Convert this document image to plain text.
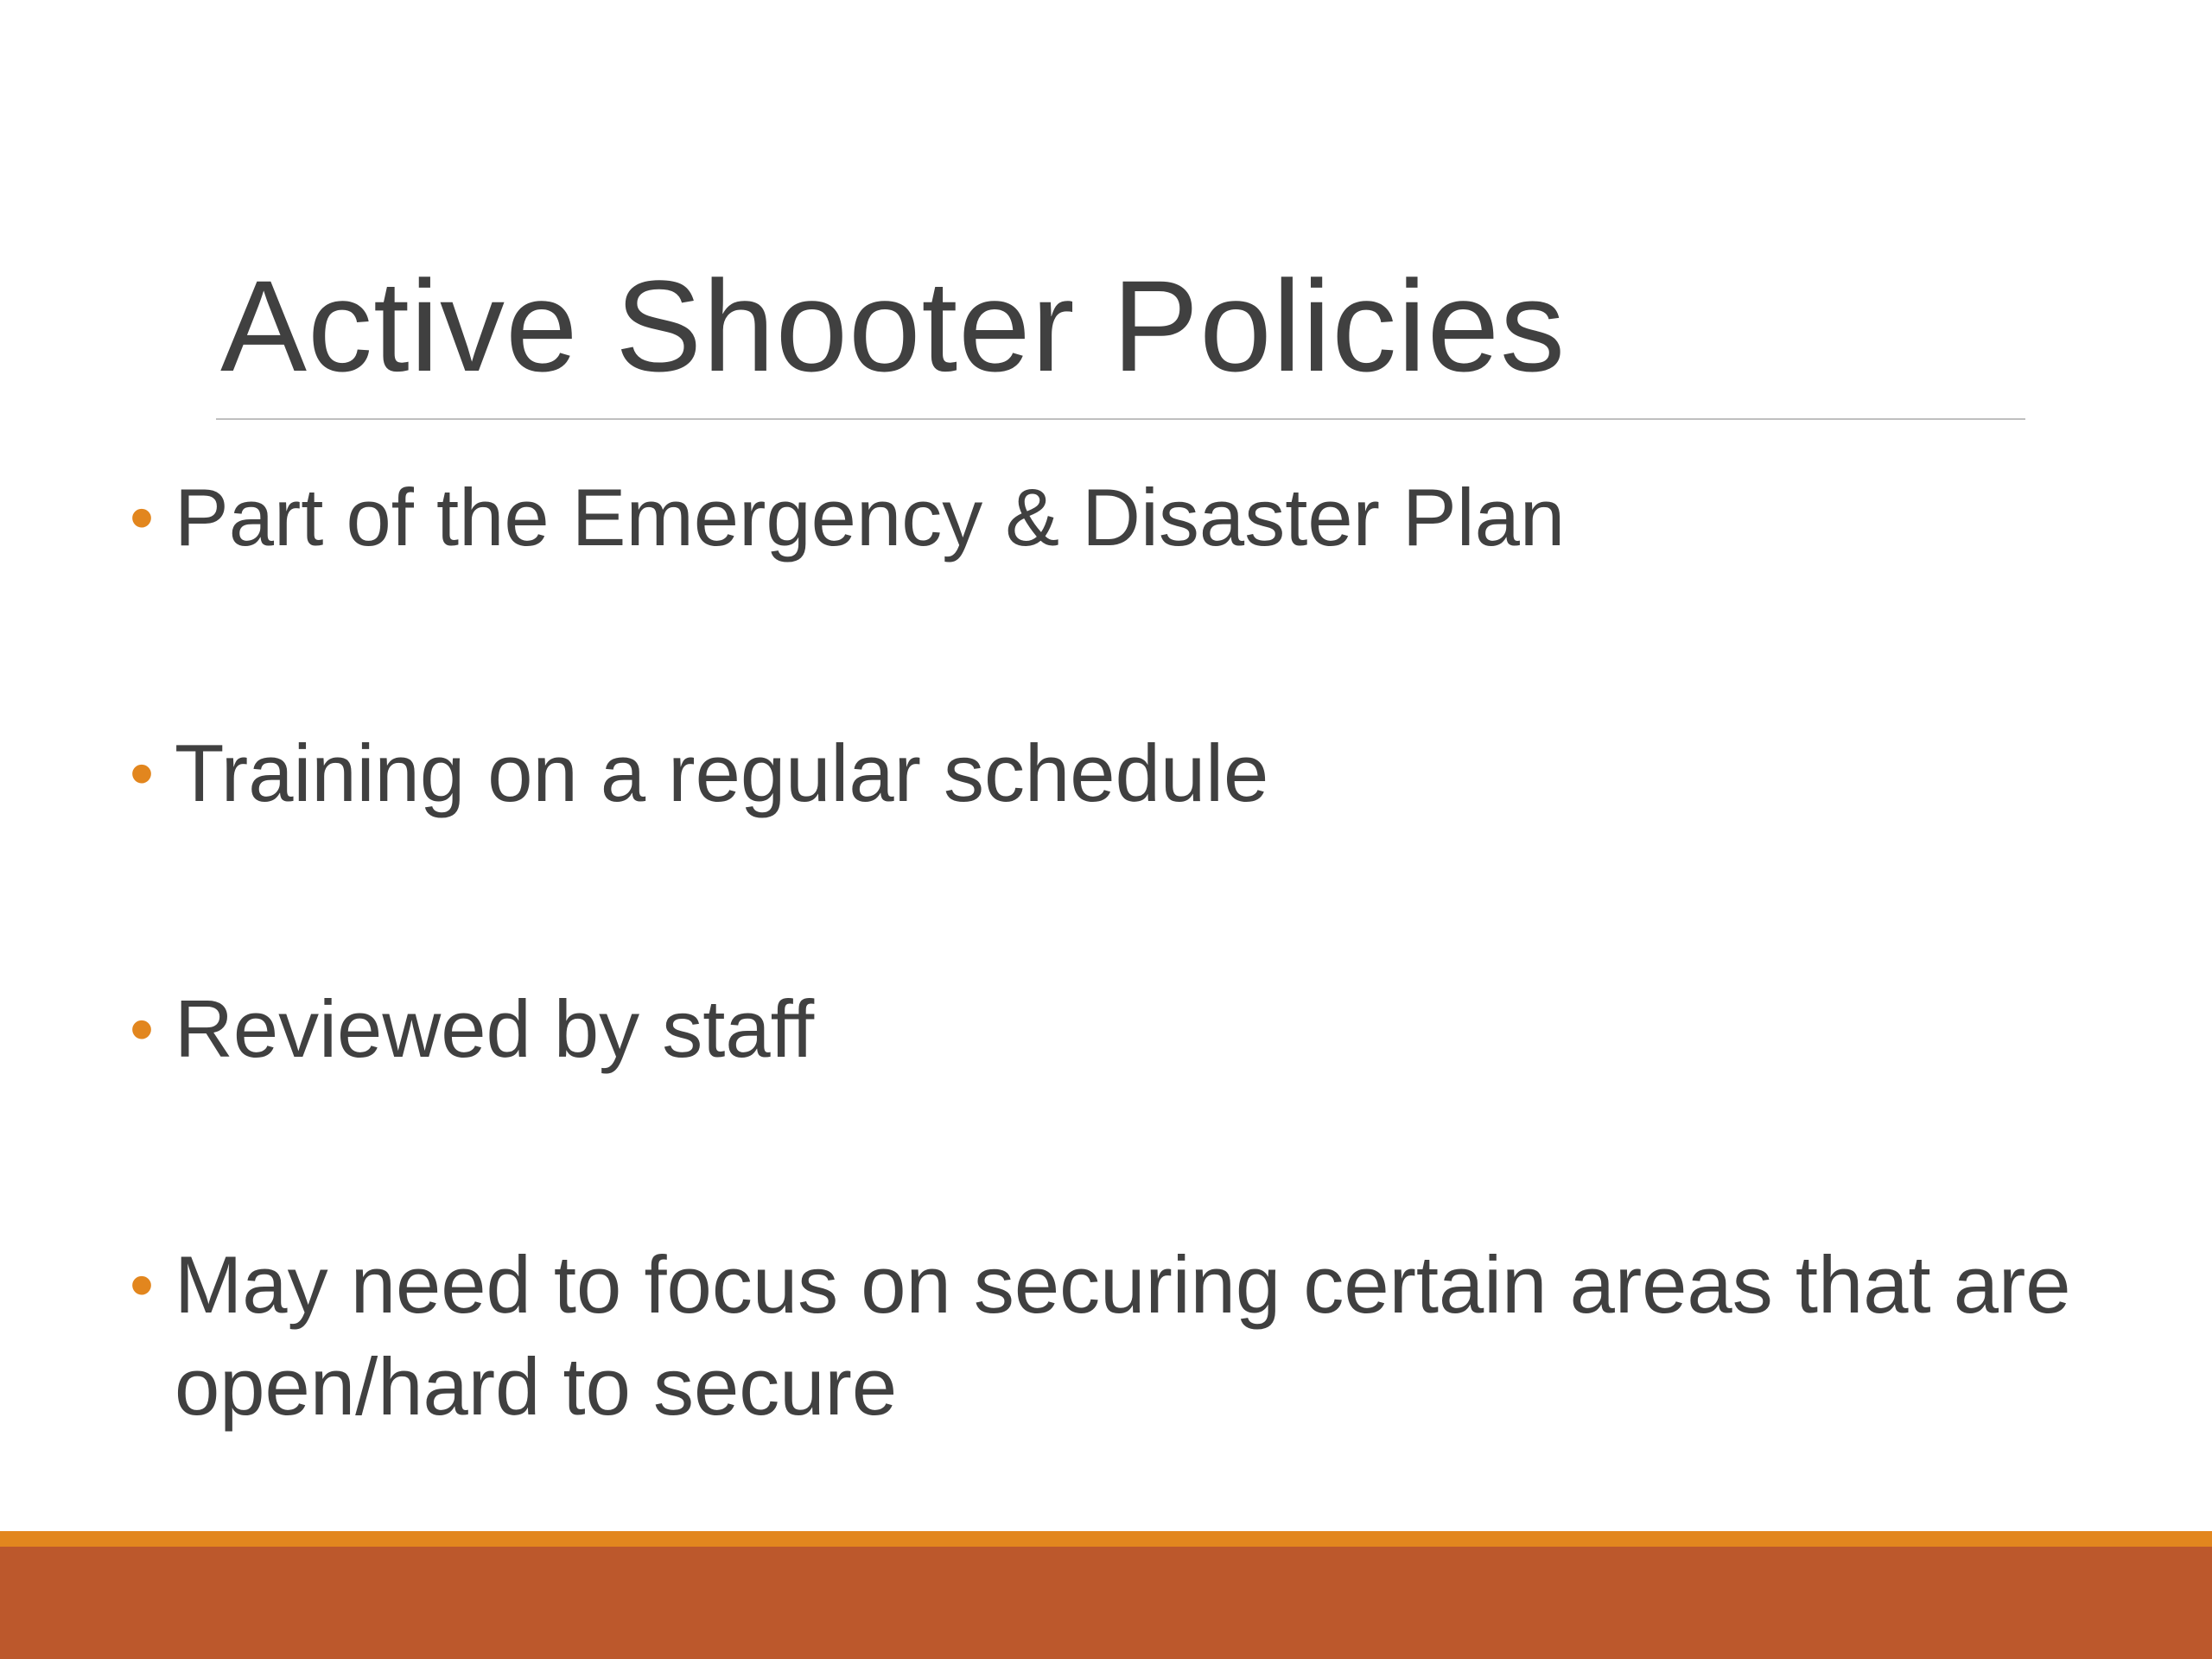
Active Shooter Policies
• Part of the Emergency & Disaster Plan
• Training on a regular schedule
• Reviewed by staff
• May need to focus on securing certain areas that are open/hard to secure
